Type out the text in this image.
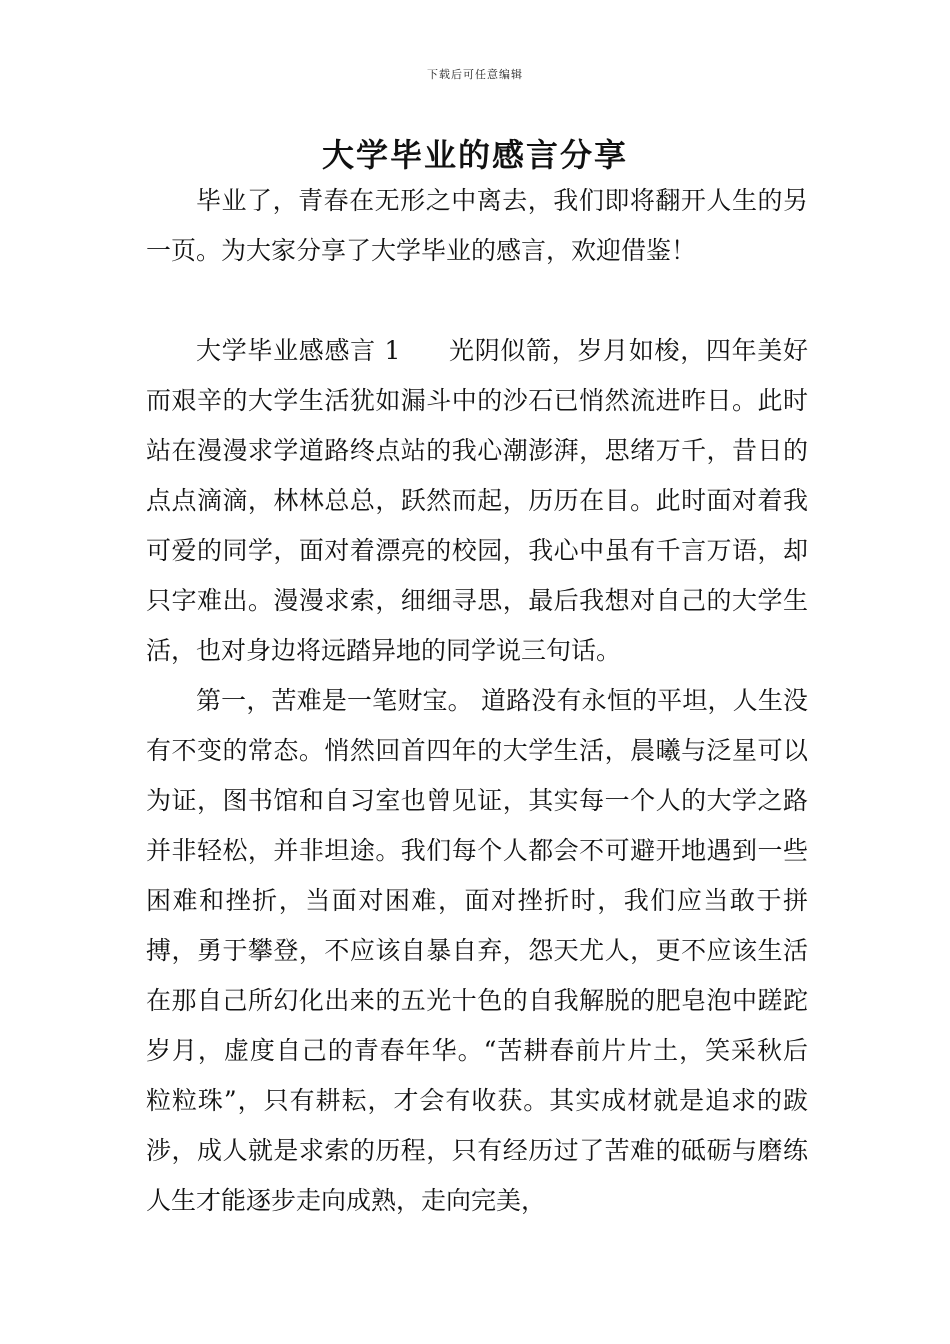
下载后可任意编辑
大学毕业的感言分享

毕业了，青春在无形之中离去，我们即将翻开人生的另一页。为大家分享了大学毕业的感言，欢迎借鉴！

大学毕业感感言 1 光阴似箭，岁月如梭，四年美好而艰辛的大学生活犹如漏斗中的沙石已悄然流进昨日。此时站在漫漫求学道路终点站的我心潮澎湃，思绪万千，昔日的点点滴滴，林林总总，跃然而起，历历在目。此时面对着我可爱的同学，面对着漂亮的校园，我心中虽有千言万语，却只字难出。漫漫求索，细细寻思，最后我想对自己的大学生活，也对身边将远踏异地的同学说三句话。

第一，苦难是一笔财宝。 道路没有永恒的平坦，人生没有不变的常态。悄然回首四年的大学生活，晨曦与泛星可以为证，图书馆和自习室也曾见证，其实每一个人的大学之路并非轻松，并非坦途。我们每个人都会不可避开地遇到一些困难和挫折，当面对困难，面对挫折时，我们应当敢于拼搏，勇于攀登，不应该自暴自弃，怨天尤人，更不应该生活在那自己所幻化出来的五光十色的自我解脱的肥皂泡中蹉跎岁月，虚度自己的青春年华。“苦耕春前片片土，笑采秋后粒粒珠”，只有耕耘，才会有收获。其实成材就是追求的跋涉，成人就是求索的历程，只有经历过了苦难的砥砺与磨练人生才能逐步走向成熟，走向完美，
